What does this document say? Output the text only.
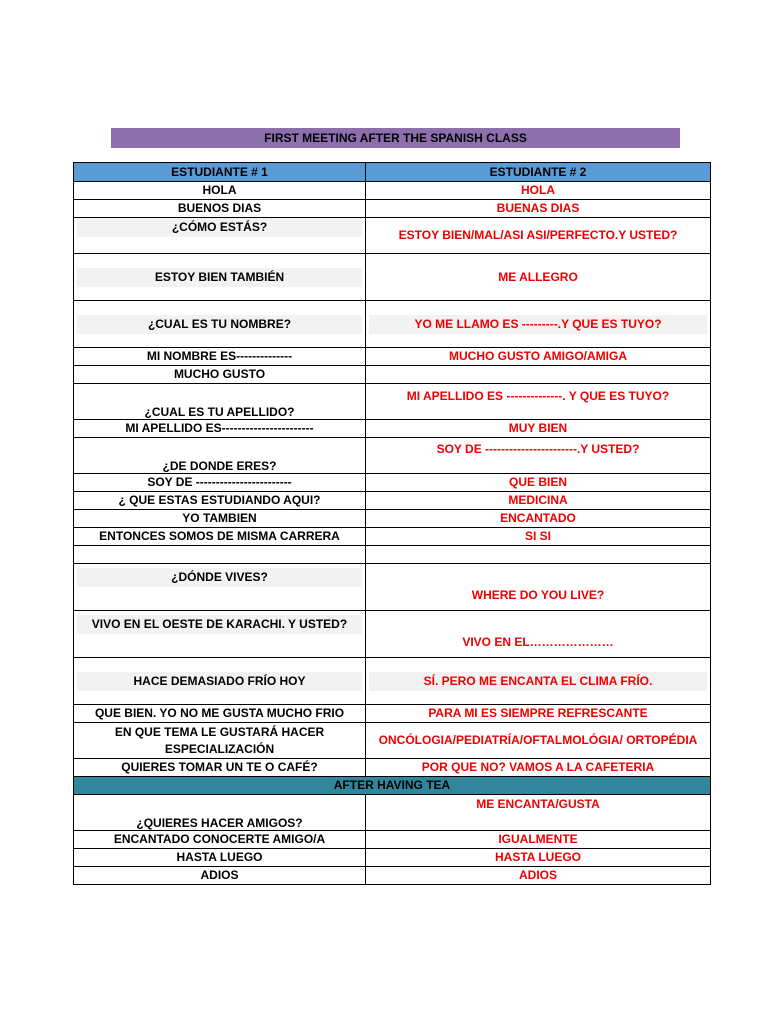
FIRST MEETING AFTER THE SPANISH CLASS
ESTUDIANTE # 1	ESTUDIANTE # 2
HOLA	HOLA
BUENOS DIAS	BUENAS DIAS

¿CÓMO ESTÁS?	ESTOY BIEN/MAL/ASI ASI/PERFECTO.Y USTED?

ESTOY BIEN TAMBIÉN	ME ALLEGRO

¿CUAL ES TU NOMBRE?	YO ME LLAMO ES ---------.Y QUE ES TUYO?

MI NOMBRE ES--------------	MUCHO GUSTO AMIGO/AMIGA
MUCHO GUSTO	
¿CUAL ES TU APELLIDO?	MI APELLIDO ES --------------. Y QUE ES TUYO?
MI APELLIDO ES-----------------------	MUY BIEN
¿DE DONDE ERES?	SOY DE -----------------------.Y USTED?
SOY DE ------------------------	QUE BIEN
¿ QUE ESTAS ESTUDIANDO AQUI?	MEDICINA
YO TAMBIEN	ENCANTADO
ENTONCES SOMOS DE MISMA CARRERA	SI SI

¿DÓNDE VIVES?	WHERE DO YOU LIVE?

VIVO EN EL OESTE DE KARACHI. Y USTED?	VIVO EN EL…………………

HACE DEMASIADO FRÍO HOY	SÍ. PERO ME ENCANTA EL CLIMA FRÍO.

QUE BIEN. YO NO ME GUSTA MUCHO FRIO	PARA MI ES SIEMPRE REFRESCANTE
EN QUE TEMA LE GUSTARÁ HACER ESPECIALIZACIÓN	ONCÓLOGIA/PEDIATRÍA/OFTALMOLÓGIA/ ORTOPÉDIA
QUIERES TOMAR UN TE O CAFÉ?	POR QUE NO? VAMOS A LA CAFETERIA
AFTER HAVING TEA	
¿QUIERES HACER AMIGOS?	ME ENCANTA/GUSTA
ENCANTADO CONOCERTE AMIGO/A	IGUALMENTE
HASTA LUEGO	HASTA LUEGO
ADIOS	ADIOS
